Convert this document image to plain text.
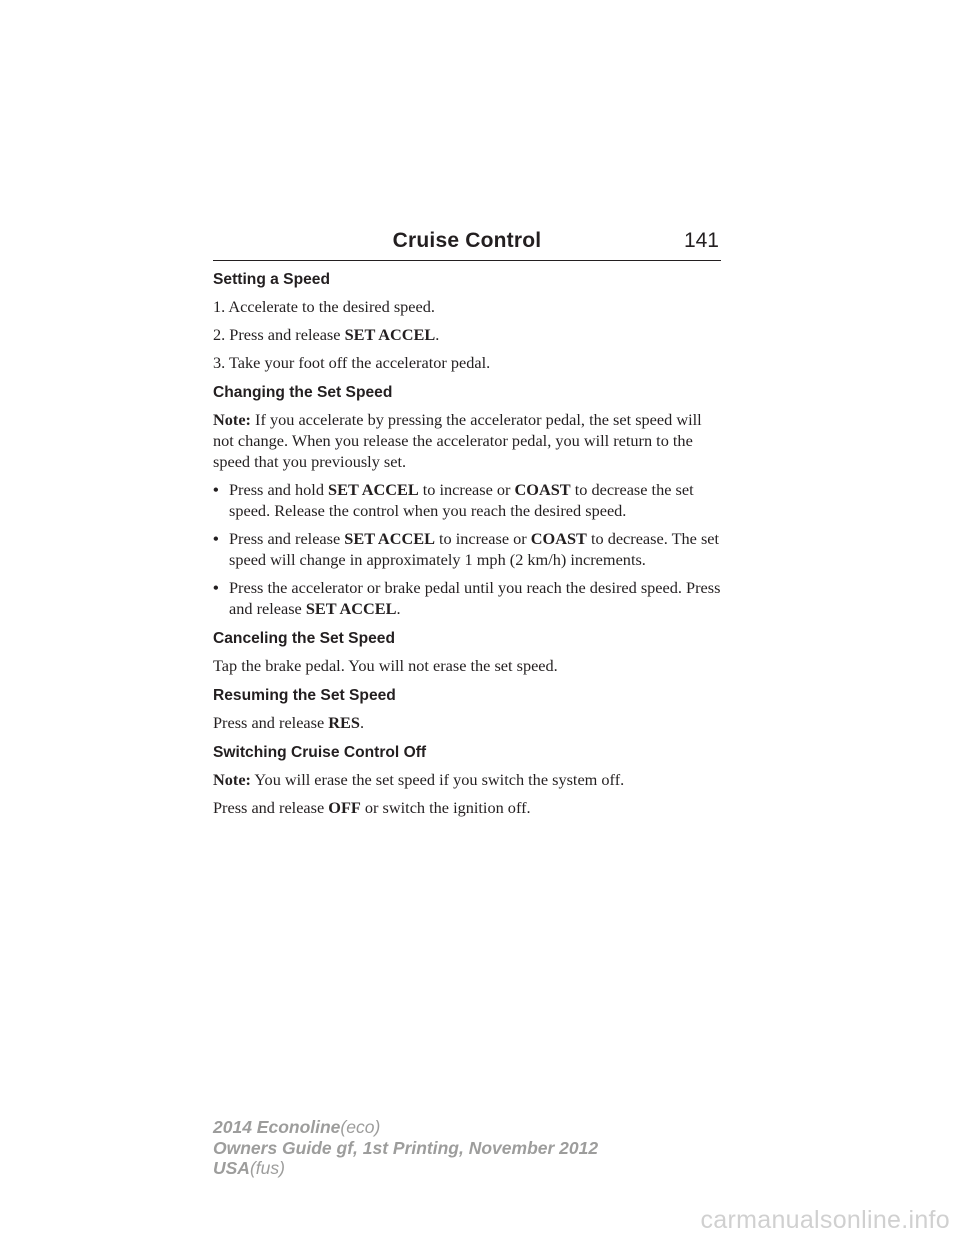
Cruise Control	141
Setting a Speed

1. Accelerate to the desired speed.

2. Press and release SET ACCEL.

3. Take your foot off the accelerator pedal.

Changing the Set Speed

Note: If you accelerate by pressing the accelerator pedal, the set speed will not change. When you release the accelerator pedal, you will return to the speed that you previously set.

• Press and hold SET ACCEL to increase or COAST to decrease the set speed. Release the control when you reach the desired speed.
• Press and release SET ACCEL to increase or COAST to decrease. The set speed will change in approximately 1 mph (2 km/h) increments.
• Press the accelerator or brake pedal until you reach the desired speed. Press and release SET ACCEL.
Canceling the Set Speed

Tap the brake pedal. You will not erase the set speed.

Resuming the Set Speed

Press and release RES.

Switching Cruise Control Off

Note: You will erase the set speed if you switch the system off.

Press and release OFF or switch the ignition off.

2014 Econoline(eco)
Owners Guide gf, 1st Printing, November 2012
USA(fus)
carmanualsonline.info
